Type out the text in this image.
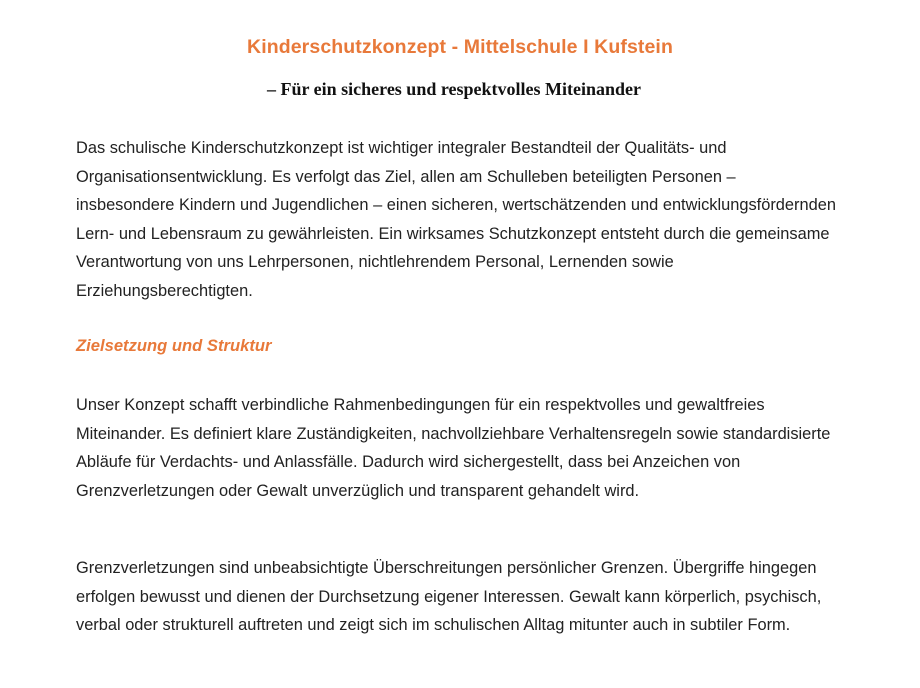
Kinderschutzkonzept - Mittelschule I Kufstein
– Für ein sicheres und respektvolles Miteinander

Das schulische Kinderschutzkonzept ist wichtiger integraler Bestandteil der Qualitäts- und Organisationsentwicklung. Es verfolgt das Ziel, allen am Schulleben beteiligten Personen – insbesondere Kindern und Jugendlichen – einen sicheren, wertschätzenden und entwicklungsfördernden Lern- und Lebensraum zu gewährleisten. Ein wirksames Schutzkonzept entsteht durch die gemeinsame Verantwortung von uns Lehrpersonen, nichtlehrendem Personal, Lernenden sowie Erziehungsberechtigten.

Zielsetzung und Struktur

Unser Konzept schafft verbindliche Rahmenbedingungen für ein respektvolles und gewaltfreies Miteinander. Es definiert klare Zuständigkeiten, nachvollziehbare Verhaltensregeln sowie standardisierte Abläufe für Verdachts- und Anlassfälle. Dadurch wird sichergestellt, dass bei Anzeichen von Grenzverletzungen oder Gewalt unverzüglich und transparent gehandelt wird.

Grenzverletzungen sind unbeabsichtigte Überschreitungen persönlicher Grenzen. Übergriffe hingegen erfolgen bewusst und dienen der Durchsetzung eigener Interessen. Gewalt kann körperlich, psychisch, verbal oder strukturell auftreten und zeigt sich im schulischen Alltag mitunter auch in subtiler Form.
